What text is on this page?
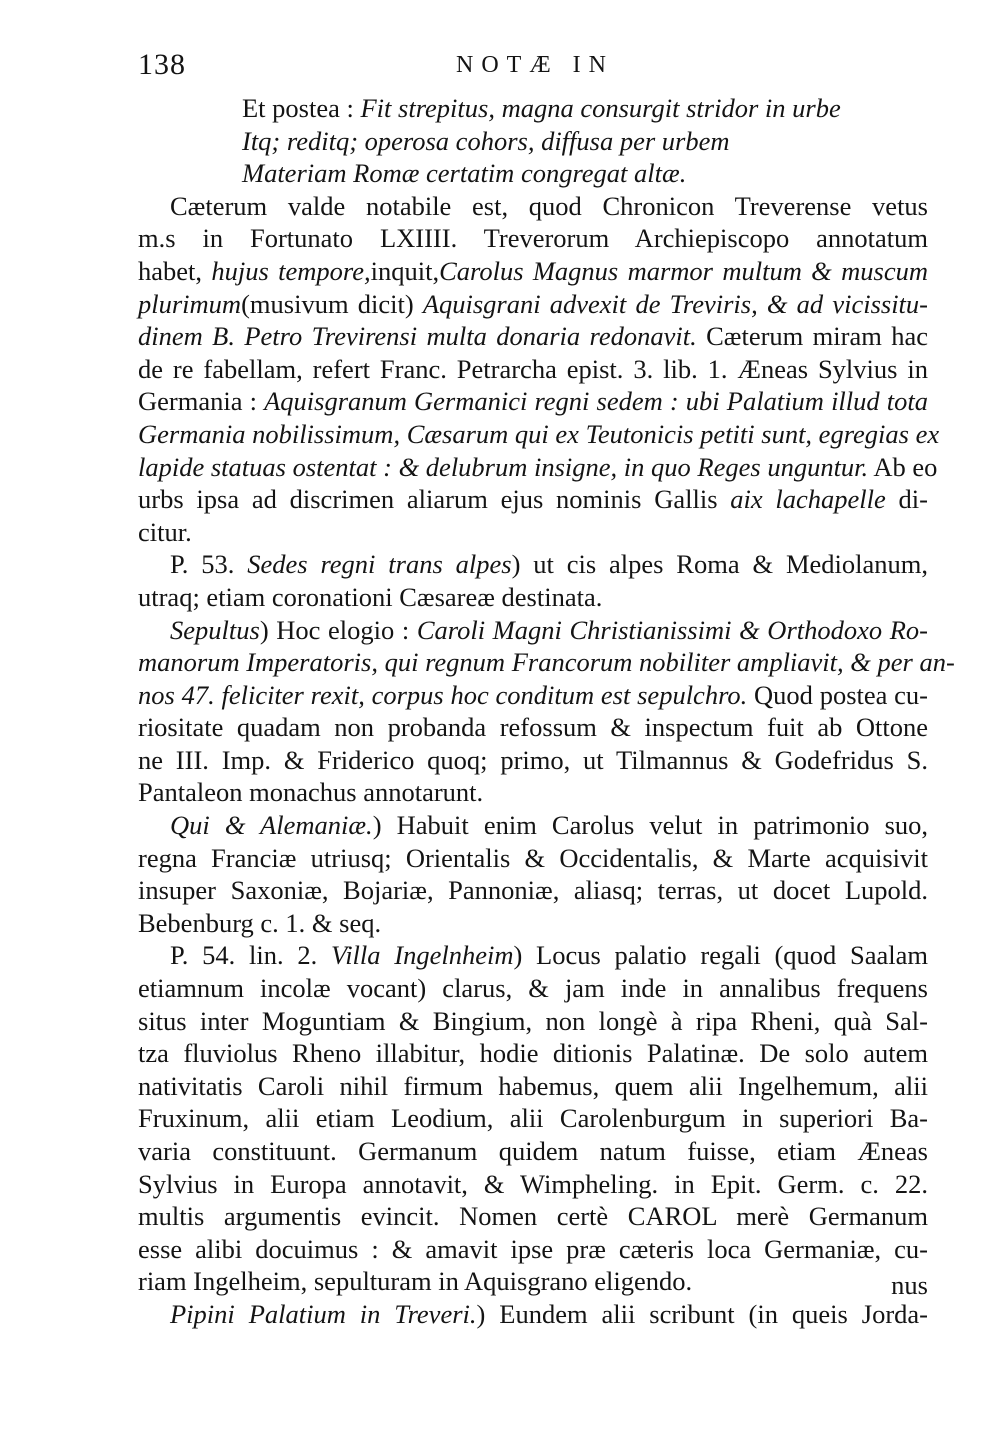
138	NOTÆ IN
Et postea : Fit strepitus, magna consurgit stridor in urbe
Itq; reditq; operosa cohors, diffusa per urbem
Materiam Romæ certatim congregat altæ.
Cæterum valde notabile est, quod Chronicon Treverense vetus
m.s in Fortunato LXIIII. Treverorum Archiepiscopo annotatum
habet, hujus tempore,inquit,Carolus Magnus marmor multum & muscum
plurimum(musivum dicit) Aquisgrani advexit de Treviris, & ad vicissitu-
dinem B. Petro Trevirensi multa donaria redonavit. Cæterum miram hac
de re fabellam, refert Franc. Petrarcha epist. 3. lib. 1. Æneas Sylvius in
Germania : Aquisgranum Germanici regni sedem : ubi Palatium illud tota
Germania nobilissimum, Cæsarum qui ex Teutonicis petiti sunt, egregias ex
lapide statuas ostentat : & delubrum insigne, in quo Reges unguntur. Ab eo
urbs ipsa ad discrimen aliarum ejus nominis Gallis aix lachapelle di-
citur.
P. 53. Sedes regni trans alpes) ut cis alpes Roma & Mediolanum,
utraq; etiam coronationi Cæsareæ destinata.
Sepultus) Hoc elogio : Caroli Magni Christianissimi & Orthodoxo Ro-
manorum Imperatoris, qui regnum Francorum nobiliter ampliavit, & per an-
nos 47. feliciter rexit, corpus hoc conditum est sepulchro. Quod postea cu-
riositate quadam non probanda refossum & inspectum fuit ab Ottone
ne III. Imp. & Friderico quoq; primo, ut Tilmannus & Godefridus S.
Pantaleon monachus annotarunt.
Qui & Alemaniæ.) Habuit enim Carolus velut in patrimonio suo,
regna Franciæ utriusq; Orientalis & Occidentalis, & Marte acquisivit
insuper Saxoniæ, Bojariæ, Pannoniæ, aliasq; terras, ut docet Lupold.
Bebenburg c. 1. & seq.
P. 54. lin. 2. Villa Ingelnheim) Locus palatio regali (quod Saalam
etiamnum incolæ vocant) clarus, & jam inde in annalibus frequens
situs inter Moguntiam & Bingium, non longè à ripa Rheni, quà Sal-
tza fluviolus Rheno illabitur, hodie ditionis Palatinæ. De solo autem
nativitatis Caroli nihil firmum habemus, quem alii Ingelhemum, alii
Fruxinum, alii etiam Leodium, alii Carolenburgum in superiori Ba-
varia constituunt. Germanum quidem natum fuisse, etiam Æneas
Sylvius in Europa annotavit, & Wimpheling. in Epit. Germ. c. 22.
multis argumentis evincit. Nomen certè CAROL merè Germanum
esse alibi docuimus : & amavit ipse præ cæteris loca Germaniæ, cu-
riam Ingelheim, sepulturam in Aquisgrano eligendo.
Pipini Palatium in Treveri.) Eundem alii scribunt (in queis Jorda-
nus
